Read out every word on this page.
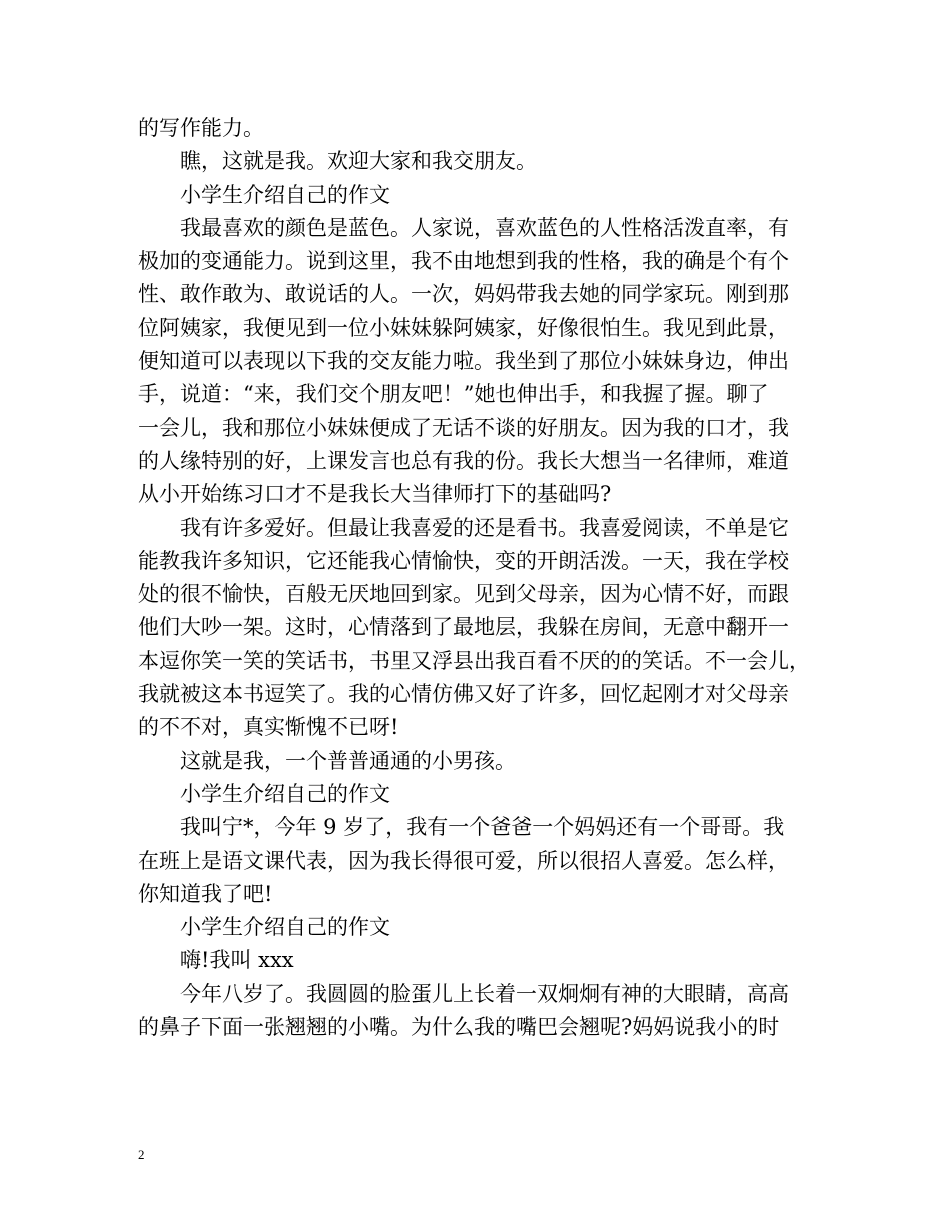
的写作能力。
瞧，这就是我。欢迎大家和我交朋友。
小学生介绍自己的作文
我最喜欢的颜色是蓝色。人家说，喜欢蓝色的人性格活泼直率，有
极加的变通能力。说到这里，我不由地想到我的性格，我的确是个有个
性、敢作敢为、敢说话的人。一次，妈妈带我去她的同学家玩。刚到那
位阿姨家，我便见到一位小妹妹躲阿姨家，好像很怕生。我见到此景，
便知道可以表现以下我的交友能力啦。我坐到了那位小妹妹身边，伸出
手，说道：“来，我们交个朋友吧！”她也伸出手，和我握了握。聊了
一会儿，我和那位小妹妹便成了无话不谈的好朋友。因为我的口才，我
的人缘特别的好，上课发言也总有我的份。我长大想当一名律师，难道
从小开始练习口才不是我长大当律师打下的基础吗?
我有许多爱好。但最让我喜爱的还是看书。我喜爱阅读，不单是它
能教我许多知识，它还能我心情愉快，变的开朗活泼。一天，我在学校
处的很不愉快，百般无厌地回到家。见到父母亲，因为心情不好，而跟
他们大吵一架。这时，心情落到了最地层，我躲在房间，无意中翻开一
本逗你笑一笑的笑话书，书里又浮县出我百看不厌的的笑话。不一会儿，
我就被这本书逗笑了。我的心情仿佛又好了许多，回忆起刚才对父母亲
的不不对，真实惭愧不已呀!
这就是我，一个普普通通的小男孩。
小学生介绍自己的作文
我叫宁*，今年 9 岁了，我有一个爸爸一个妈妈还有一个哥哥。我
在班上是语文课代表，因为我长得很可爱，所以很招人喜爱。怎么样，
你知道我了吧!
小学生介绍自己的作文
嗨!我叫 xxx
今年八岁了。我圆圆的脸蛋儿上长着一双炯炯有神的大眼睛，高高
的鼻子下面一张翘翘的小嘴。为什么我的嘴巴会翘呢?妈妈说我小的时
2
